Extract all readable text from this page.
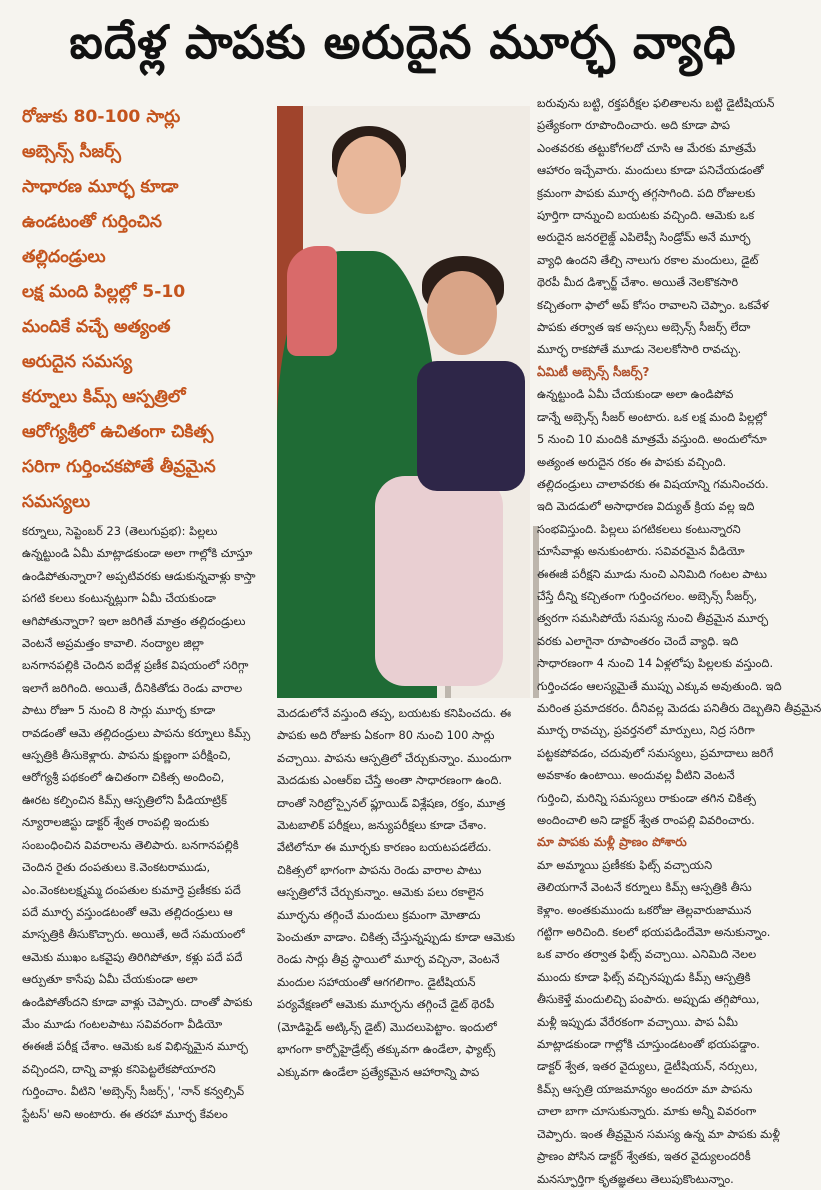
ఐదేళ్ల పాపకు అరుదైన మూర్ఛ వ్యాధి
రోజుకు 80-100 సార్లు
అబ్సెన్స్ సీజర్స్
సాధారణ మూర్ఛ కూడా
ఉండటంతో గుర్తించిన
తల్లిదండ్రులు
లక్ష మంది పిల్లల్లో 5-10
మందికే వచ్చే అత్యంత
అరుదైన సమస్య
కర్నూలు కిమ్స్ ఆస్పత్రిలో
ఆరోగ్యశ్రీలో ఉచితంగా చికిత్స
సరిగా గుర్తించకపోతే తీవ్రమైన
సమస్యలు
కర్నూలు, సెప్టెంబర్ 23 (తెలుగుప్రభ): పిల్లలు
ఉన్నట్టుండి ఏమీ మాట్లాడకుండా అలా గాల్లోకి చూస్తూ
ఉండిపోతున్నారా? అప్పటివరకు ఆడుకున్నవాళ్లు కాస్తా
పగటి కలలు కంటున్నట్లుగా ఏమీ చేయకుండా
ఆగిపోతున్నారా? ఇలా జరిగితే మాత్రం తల్లిదండ్రులు
వెంటనే అప్రమత్తం కావాలి. నంద్యాల జిల్లా
బనగానపల్లికి చెందిన ఐదేళ్ల ప్రణీక విషయంలో సరిగ్గా
ఇలాగే జరిగింది. అయితే, దీనికితోడు రెండు వారాల
పాటు రోజూ 5 నుంచి 8 సార్లు మూర్ఛ కూడా
రావడంతో ఆమె తల్లిదండ్రులు పాపను కర్నూలు కిమ్స్
ఆస్పత్రికి తీసుకెళ్లారు. పాపను క్షుణ్ణంగా పరీక్షించి,
ఆరోగ్యశ్రీ పథకంలో ఉచితంగా చికిత్స అందించి,
ఊరట కల్పించిన కిమ్స్ ఆస్పత్రిలోని పీడియాట్రిక్
న్యూరాలజిస్టు డాక్టర్ శ్వేత రాంపల్లి ఇందుకు
సంబంధించిన వివరాలను తెలిపారు. బనగానపల్లికి
చెందిన రైతు దంపతులు కె.వెంకటరాముడు,
ఎం.వెంకటలక్ష్మమ్మ దంపతుల కుమార్తె ప్రణీకకు పదే
పదే మూర్ఛ వస్తుండటంతో ఆమె తల్లిదండ్రులు ఆ
మాస్పత్రికి తీసుకొచ్చారు. అయితే, అదే సమయంలో
ఆమెకు ముఖం ఒకవైపు తిరిగిపోతూ, కళ్లు పదే పదే
ఆర్పుతూ కాసేపు ఏమీ చేయకుండా అలా
ఉండిపోతోందని కూడా వాళ్లు చెప్పారు. దాంతో పాపకు
మేం మూడు గంటలపాటు సవివరంగా వీడియో
ఈఈజీ పరీక్ష చేశాం. ఆమెకు ఒక విభిన్నమైన మూర్ఛ
వచ్చిందని, దాన్ని వాళ్లు కనిపెట్టలేకపోయారని
గుర్తించాం. వీటిని 'అబ్సెన్స్ సీజర్స్', 'నాన్ కన్వల్సివ్
స్టేటస్' అని అంటారు. ఈ తరహా మూర్ఛ కేవలం
మెదడులోనే వస్తుంది తప్ప, బయటకు కనిపించదు. ఈ
పాపకు అది రోజుకు ఏకంగా 80 నుంచి 100 సార్లు
వచ్చాయి. పాపను ఆస్పత్రిలో చేర్చుకున్నాం. ముందుగా
మెదడుకు ఎంఆర్ఐ చేస్తే అంతా సాధారణంగా ఉంది.
దాంతో సెరిబ్రోస్పైనల్ ఫ్లూయిడ్ విశ్లేషణ, రక్తం, మూత్ర
మెటబాలిక్ పరీక్షలు, జన్యుపరీక్షలు కూడా చేశాం.
వేటిలోనూ ఈ మూర్ఛకు కారణం బయటపడలేదు.
చికిత్సలో భాగంగా పాపను రెండు వారాల పాటు
ఆస్పత్రిలోనే చేర్చుకున్నాం. ఆమెకు పలు రకాలైన
మూర్ఛను తగ్గించే మందులు క్రమంగా మోతాదు
పెంచుతూ వాడాం. చికిత్స చేస్తున్నప్పుడు కూడా ఆమెకు
రెండు సార్లు తీవ్ర స్థాయిలో మూర్ఛ వచ్చినా, వెంటనే
మందుల సహాయంతో ఆగగలిగాం. డైటీషియన్
పర్యవేక్షణలో ఆమెకు మూర్ఛను తగ్గించే డైట్ థెరపీ
(మోడిఫైడ్ అట్కిన్స్ డైట్) మొదలుపెట్టాం. ఇందులో
భాగంగా కార్బోహైడ్రేట్స్ తక్కువగా ఉండేలా, ఫ్యాట్స్
ఎక్కువగా ఉండేలా ప్రత్యేకమైన ఆహారాన్ని పాప
బరువును బట్టి, రక్తపరీక్షల ఫలితాలను బట్టి డైటీషియన్
ప్రత్యేకంగా రూపొందించారు. అది కూడా పాప
ఎంతవరకు తట్టుకోగలదో చూసి ఆ మేరకు మాత్రమే
ఆహారం ఇచ్చేవారు. మందులు కూడా పనిచేయడంతో
క్రమంగా పాపకు మూర్ఛ తగ్గసాగింది. పది రోజులకు
పూర్తిగా దాన్నుంచి బయటకు వచ్చింది. ఆమెకు ఒక
అరుదైన జనరలైజ్డ్ ఎపిలెప్సీ సిండ్రోమ్ అనే మూర్ఛ
వ్యాధి ఉందని తేల్చి నాలుగు రకాల మందులు, డైట్
థెరపీ మీద డిశ్చార్జ్ చేశాం. అయితే నెలకొకసారి
కచ్చితంగా ఫాలో అప్ కోసం రావాలని చెప్పాం. ఒకవేళ
పాపకు తర్వాత ఇక అస్సలు అబ్సెన్స్ సీజర్స్ లేదా
మూర్ఛ రాకపోతే మూడు నెలలకోసారి రావచ్చు.
ఏమిటీ అబ్సెన్స్ సీజర్స్?
ఉన్నట్టుండి ఏమీ చేయకుండా అలా ఉండిపోవ
డాన్నే అబ్సెన్స్ సీజర్ అంటారు. ఒక లక్ష మంది పిల్లల్లో
5 నుంచి 10 మందికి మాత్రమే వస్తుంది. అందులోనూ
అత్యంత అరుదైన రకం ఈ పాపకు వచ్చింది.
తల్లిదండ్రులు చాలావరకు ఈ విషయాన్ని గమనించరు.
ఇది మెదడులో అసాధారణ విద్యుత్ క్రియ వల్ల ఇది
సంభవిస్తుంది. పిల్లలు పగటికలలు కంటున్నారని
చూసేవాళ్లు అనుకుంటారు. సవివరమైన వీడియో
ఈఈజీ పరీక్షని మూడు నుంచి ఎనిమిది గంటల పాటు
చేస్తే దీన్ని కచ్చితంగా గుర్తించగలం. అబ్సెన్స్ సీజర్స్,
త్వరగా సమసిపోయే సమస్య నుంచి తీవ్రమైన మూర్ఛ
వరకు ఎలాగైనా రూపాంతరం చెందే వ్యాధి. ఇది
సాధారణంగా 4 నుంచి 14 ఏళ్లలోపు పిల్లలకు వస్తుంది.
గుర్తించడం ఆలస్యమైతే ముప్పు ఎక్కువ అవుతుంది. ఇది
మరింత ప్రమాదకరం. దీనివల్ల మెదడు పనితీరు దెబ్బతిని తీవ్రమైన
మూర్ఛ రావచ్చు, ప్రవర్తనలో మార్పులు, నిద్ర సరిగా
పట్టకపోవడం, చదువులో సమస్యలు, ప్రమాదాలు జరిగే
అవకాశం ఉంటాయి. అందువల్ల వీటిని వెంటనే
గుర్తించి, మరిన్ని సమస్యలు రాకుండా తగిన చికిత్స
అందించాలి అని డాక్టర్ శ్వేత రాంపల్లి వివరించారు.
మా పాపకు మళ్లీ ప్రాణం పోశారు
మా అమ్మాయి ప్రణీకకు ఫిట్స్ వచ్చాయని
తెలియగానే వెంటనే కర్నూలు కిమ్స్ ఆస్పత్రికి తీసు
కెళ్లాం. అంతకుముందు ఒకరోజు తెల్లవారుజామున
గట్టిగా అరిచింది. కలలో భయపడిందేమో అనుకున్నాం.
ఒక వారం తర్వాత ఫిట్స్ వచ్చాయి. ఎనిమిది నెలల
ముందు కూడా ఫిట్స్ వచ్చినప్పుడు కిమ్స్ ఆస్పత్రికి
తీసుకెళ్తే మందులిచ్చి పంపారు. అప్పుడు తగ్గిపోయి,
మళ్లీ ఇప్పుడు వేరేరకంగా వచ్చాయి. పాప ఏమీ
మాట్లాడకుండా గాల్లోకి చూస్తుండటంతో భయపడ్డాం.
డాక్టర్ శ్వేత, ఇతర వైద్యులు, డైటీషియన్, నర్సులు,
కిమ్స్ ఆస్పత్రి యాజమాన్యం అందరూ మా పాపను
చాలా బాగా చూసుకున్నారు. మాకు అన్నీ వివరంగా
చెప్పారు. ఇంత తీవ్రమైన సమస్య ఉన్న మా పాపకు మళ్లీ
ప్రాణం పోసిన డాక్టర్ శ్వేతకు, ఇతర వైద్యులందరికీ
మనస్ఫూర్తిగా కృతజ్ఞతలు తెలుపుకొంటున్నాం.
